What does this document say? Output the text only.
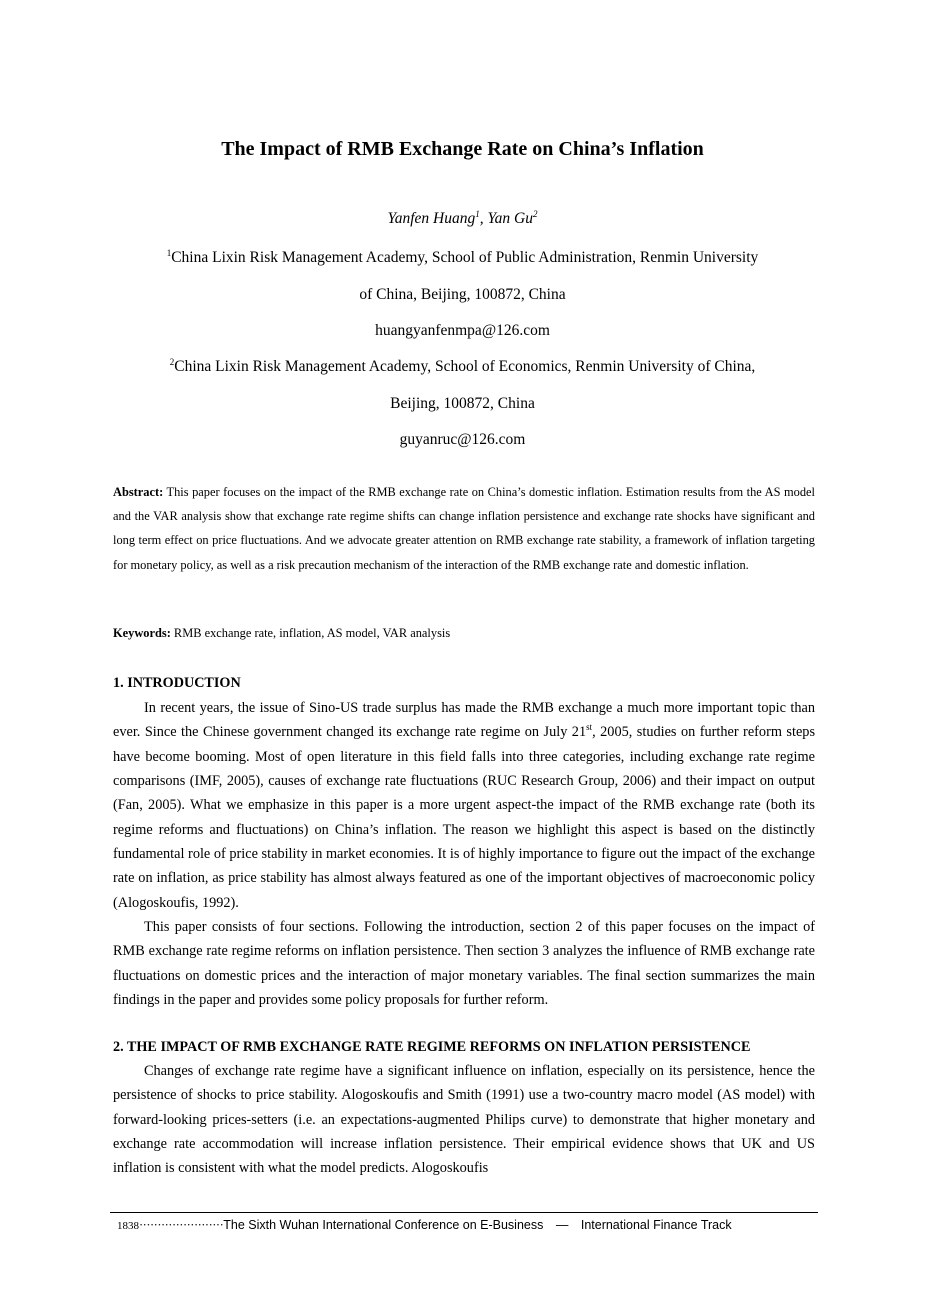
The Impact of RMB Exchange Rate on China’s Inflation
Yanfen Huang$^1$, Yan Gu$^2$
$^1$China Lixin Risk Management Academy, School of Public Administration, Renmin University
of China, Beijing, 100872, China
huangyanfenmpa@126.com
$^2$China Lixin Risk Management Academy, School of Economics, Renmin University of China,
Beijing, 100872, China
guyanruc@126.com
Abstract: This paper focuses on the impact of the RMB exchange rate on China’s domestic inflation. Estimation results from the AS model and the VAR analysis show that exchange rate regime shifts can change inflation persistence and exchange rate shocks have significant and long term effect on price fluctuations. And we advocate greater attention on RMB exchange rate stability, a framework of inflation targeting for monetary policy, as well as a risk precaution mechanism of the interaction of the RMB exchange rate and domestic inflation.
Keywords: RMB exchange rate, inflation, AS model, VAR analysis
1. INTRODUCTION

In recent years, the issue of Sino-US trade surplus has made the RMB exchange a much more important topic than ever. Since the Chinese government changed its exchange rate regime on July 21st, 2005, studies on further reform steps have become booming. Most of open literature in this field falls into three categories, including exchange rate regime comparisons (IMF, 2005), causes of exchange rate fluctuations (RUC Research Group, 2006) and their impact on output (Fan, 2005). What we emphasize in this paper is a more urgent aspect-the impact of the RMB exchange rate (both its regime reforms and fluctuations) on China’s inflation. The reason we highlight this aspect is based on the distinctly fundamental role of price stability in market economies. It is of highly importance to figure out the impact of the exchange rate on inflation, as price stability has almost always featured as one of the important objectives of macroeconomic policy (Alogoskoufis, 1992).

This paper consists of four sections. Following the introduction, section 2 of this paper focuses on the impact of RMB exchange rate regime reforms on inflation persistence. Then section 3 analyzes the influence of RMB exchange rate fluctuations on domestic prices and the interaction of major monetary variables. The final section summarizes the main findings in the paper and provides some policy proposals for further reform.

2. THE IMPACT OF RMB EXCHANGE RATE REGIME REFORMS ON INFLATION PERSISTENCE

Changes of exchange rate regime have a significant influence on inflation, especially on its persistence, hence the persistence of shocks to price stability. Alogoskoufis and Smith (1991) use a two-country macro model (AS model) with forward-looking prices-setters (i.e. an expectations-augmented Philips curve) to demonstrate that higher monetary and exchange rate accommodation will increase inflation persistence. Their empirical evidence shows that UK and US inflation is consistent with what the model predicts. Alogoskoufis

1838·······················The Sixth Wuhan International Conference on E-Business　―　International Finance Track
